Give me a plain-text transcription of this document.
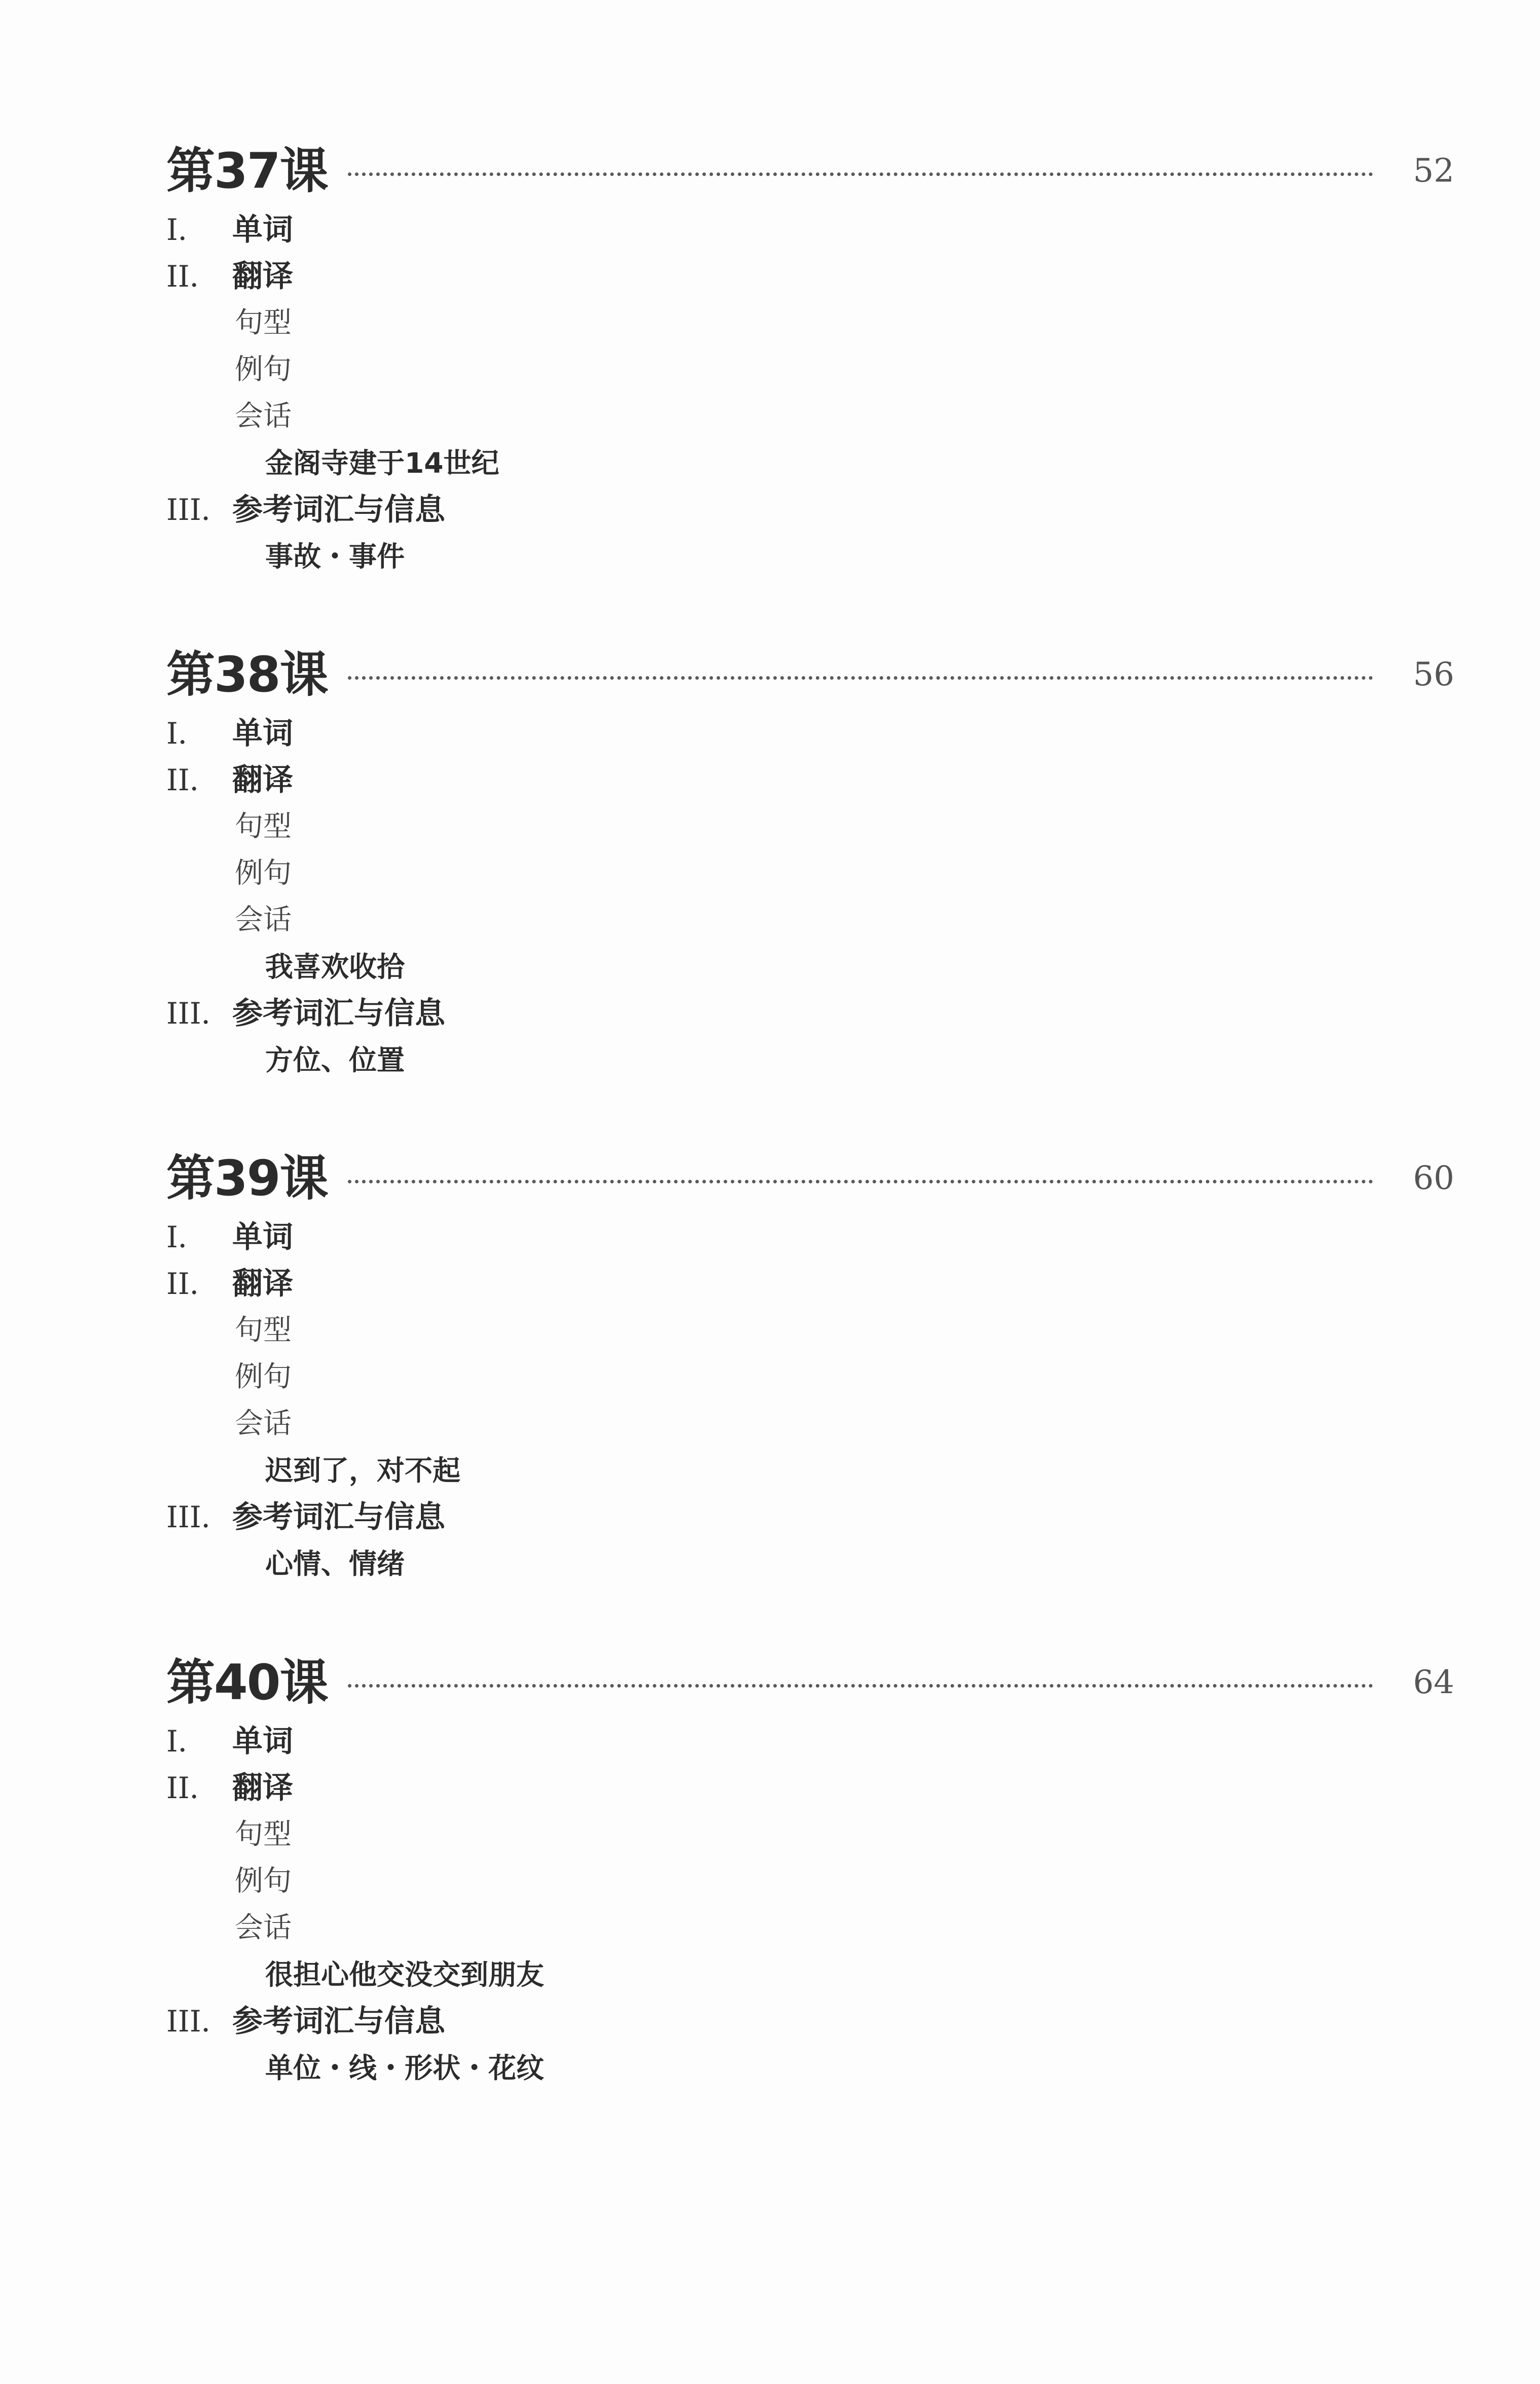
第37课	52
I． 单词
II． 翻译
句型
例句
会话
金阁寺建于14世纪
III． 参考词汇与信息
事故・事件
第38课	56
I． 单词
II． 翻译
句型
例句
会话
我喜欢收拾
III． 参考词汇与信息
方位、位置
第39课	60
I． 单词
II． 翻译
句型
例句
会话
迟到了，对不起
III． 参考词汇与信息
心情、情绪
第40课	64
I． 单词
II． 翻译
句型
例句
会话
很担心他交没交到朋友
III． 参考词汇与信息
单位・线・形状・花纹
